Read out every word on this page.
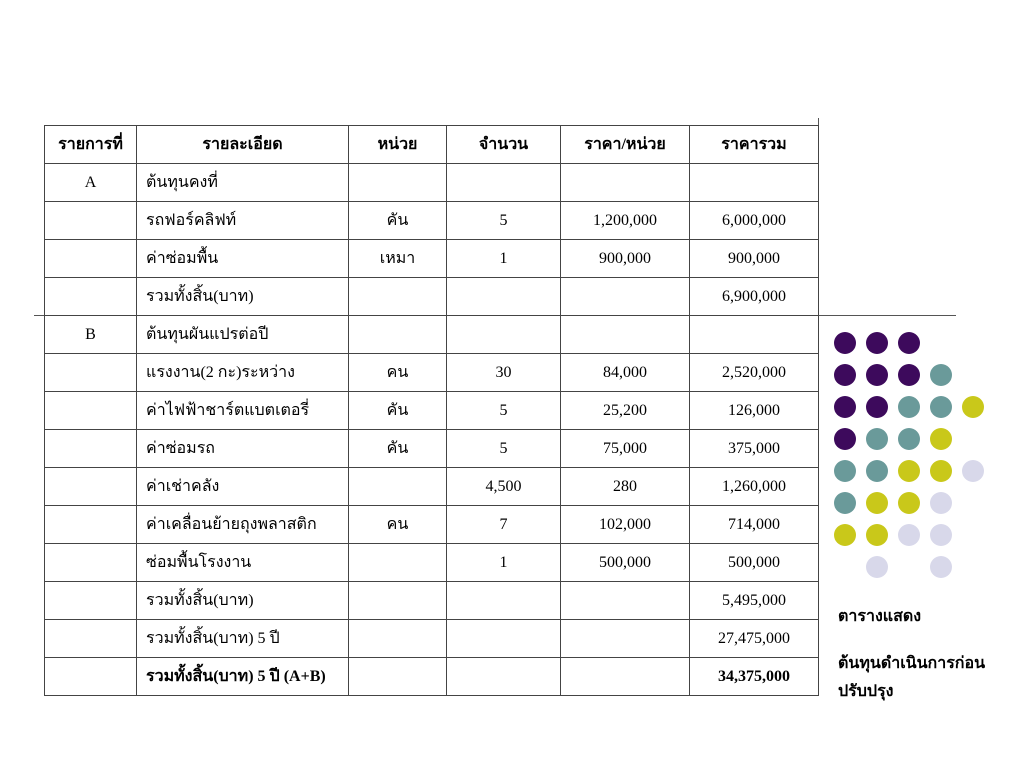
รายการที่	รายละเอียด	หน่วย	จำนวน	ราคา/หน่วย	ราคารวม
A	ต้นทุนคงที่				
	รถฟอร์คลิฟท์	คัน	5	1,200,000	6,000,000
	ค่าซ่อมพื้น	เหมา	1	900,000	900,000
	รวมทั้งสิ้น(บาท)				6,900,000
B	ต้นทุนผันแปรต่อปี				
	แรงงาน(2 กะ)ระหว่าง	คน	30	84,000	2,520,000
	ค่าไฟฟ้าชาร์ตแบตเตอรี่	คัน	5	25,200	126,000
	ค่าซ่อมรถ	คัน	5	75,000	375,000
	ค่าเช่าคลัง		4,500	280	1,260,000
	ค่าเคลื่อนย้ายถุงพลาสติก	คน	7	102,000	714,000
	ซ่อมพื้นโรงงาน		1	500,000	500,000
	รวมทั้งสิ้น(บาท)				5,495,000
	รวมทั้งสิ้น(บาท) 5 ปี				27,475,000
	รวมทั้งสิ้น(บาท) 5 ปี (A+B)				34,375,000
ตารางแสดง
ต้นทุนดำเนินการก่อน
ปรับปรุง
